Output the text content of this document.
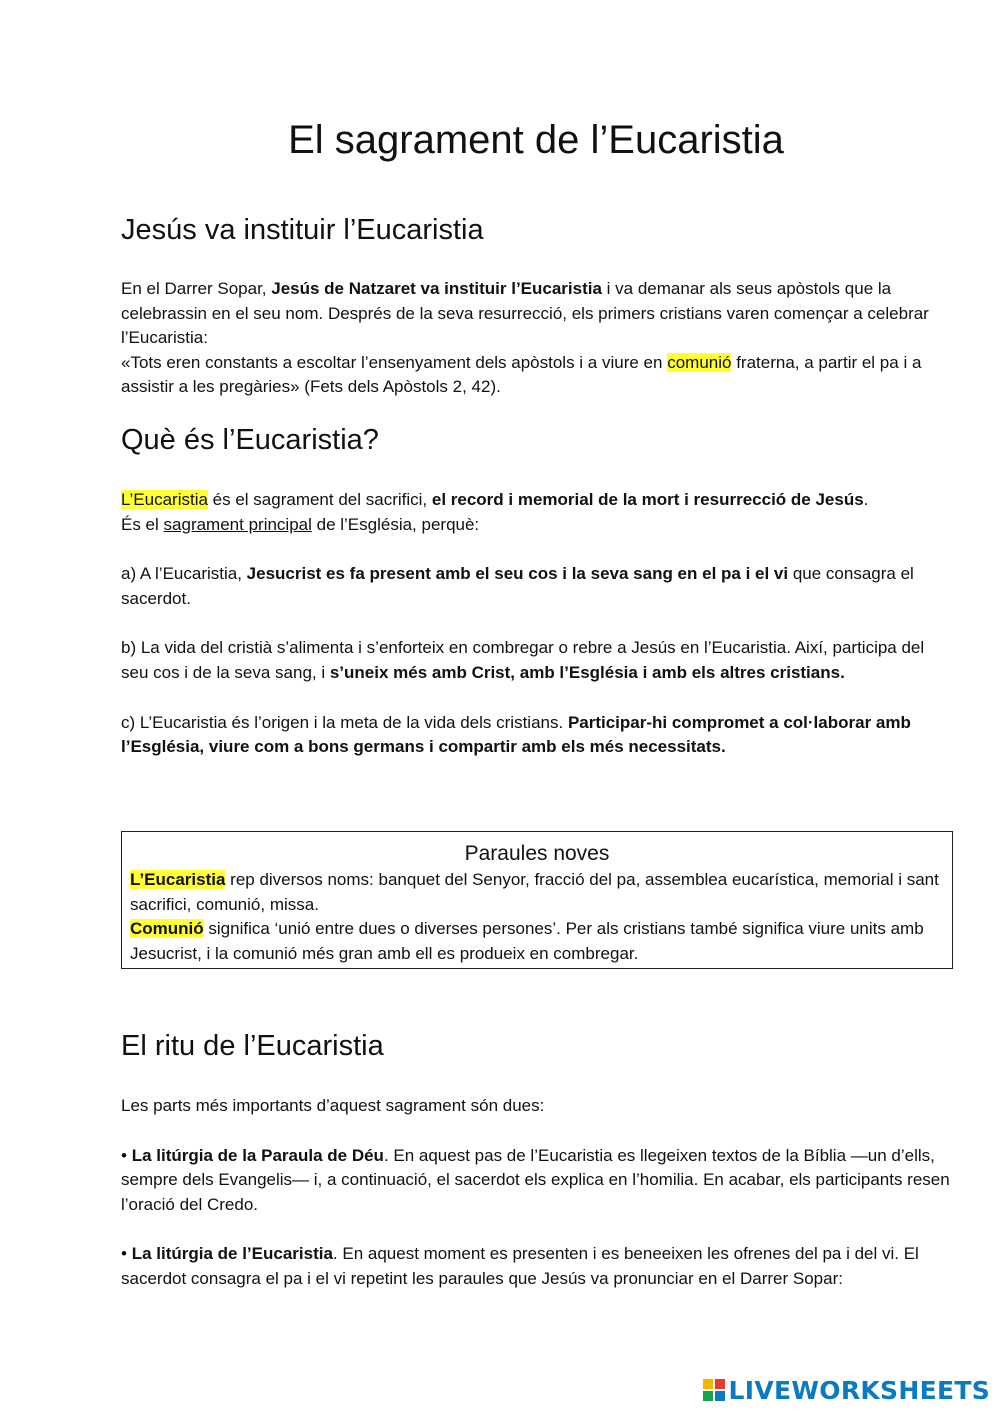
El sagrament de l’Eucaristia
Jesús va instituir l’Eucaristia

En el Darrer Sopar, Jesús de Natzaret va instituir l’Eucaristia i va demanar als seus apòstols que la celebrassin en el seu nom. Després de la seva resurrecció, els primers cristians varen començar a celebrar l’Eucaristia:

«Tots eren constants a escoltar l’ensenyament dels apòstols i a viure en comunió fraterna, a partir el pa i a assistir a les pregàries» (Fets dels Apòstols 2, 42).

Què és l’Eucaristia?

L’Eucaristia és el sagrament del sacrifici, el record i memorial de la mort i resurrecció de Jesús.

És el sagrament principal de l’Església, perquè:

a) A l’Eucaristia, Jesucrist es fa present amb el seu cos i la seva sang en el pa i el vi que consagra el sacerdot.

b) La vida del cristià s’alimenta i s’enforteix en combregar o rebre a Jesús en l’Eucaristia. Així, participa del seu cos i de la seva sang, i s’uneix més amb Crist, amb l’Església i amb els altres cristians.

c) L’Eucaristia és l’origen i la meta de la vida dels cristians. Participar-hi compromet a col·laborar amb l’Església, viure com a bons germans i compartir amb els més necessitats.

Paraules noves

L’Eucaristia rep diversos noms: banquet del Senyor, fracció del pa, assemblea eucarística, memorial i sant sacrifici, comunió, missa.

Comunió significa ‘unió entre dues o diverses persones’. Per als cristians també significa viure units amb Jesucrist, i la comunió més gran amb ell es produeix en combregar.

El ritu de l’Eucaristia

Les parts més importants d’aquest sagrament són dues:

• La litúrgia de la Paraula de Déu. En aquest pas de l’Eucaristia es llegeixen textos de la Bíblia —un d’ells, sempre dels Evangelis— i, a continuació, el sacerdot els explica en l’homilia. En acabar, els participants resen l’oració del Credo.

• La litúrgia de l’Eucaristia. En aquest moment es presenten i es beneeixen les ofrenes del pa i del vi. El sacerdot consagra el pa i el vi repetint les paraules que Jesús va pronunciar en el Darrer Sopar:

LIVEWORKSHEETS
